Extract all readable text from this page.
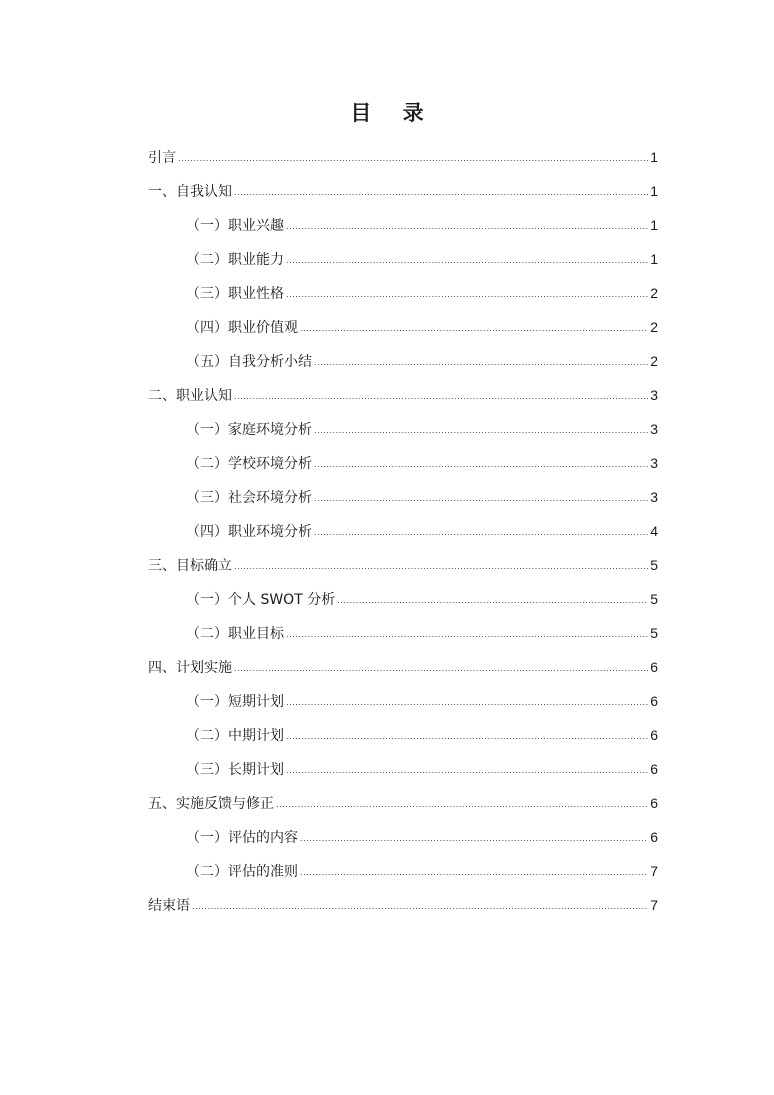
目 录
引言 .....	1
一、自我认知 .....	1
（一）职业兴趣 .....	1
（二）职业能力 .....	1
（三）职业性格 .....	2
（四）职业价值观 .....	2
（五）自我分析小结 .....	2
二、职业认知 .....	3
（一）家庭环境分析 .....	3
（二）学校环境分析 .....	3
（三）社会环境分析 .....	3
（四）职业环境分析 .....	4
三、目标确立 .....	5
（一）个人 SWOT 分析 .....	5
（二）职业目标 .....	5
四、计划实施 .....	6
（一）短期计划 .....	6
（二）中期计划 .....	6
（三）长期计划 .....	6
五、实施反馈与修正 .....	6
（一）评估的内容 .....	6
（二）评估的准则 .....	7
结束语 .....	7
